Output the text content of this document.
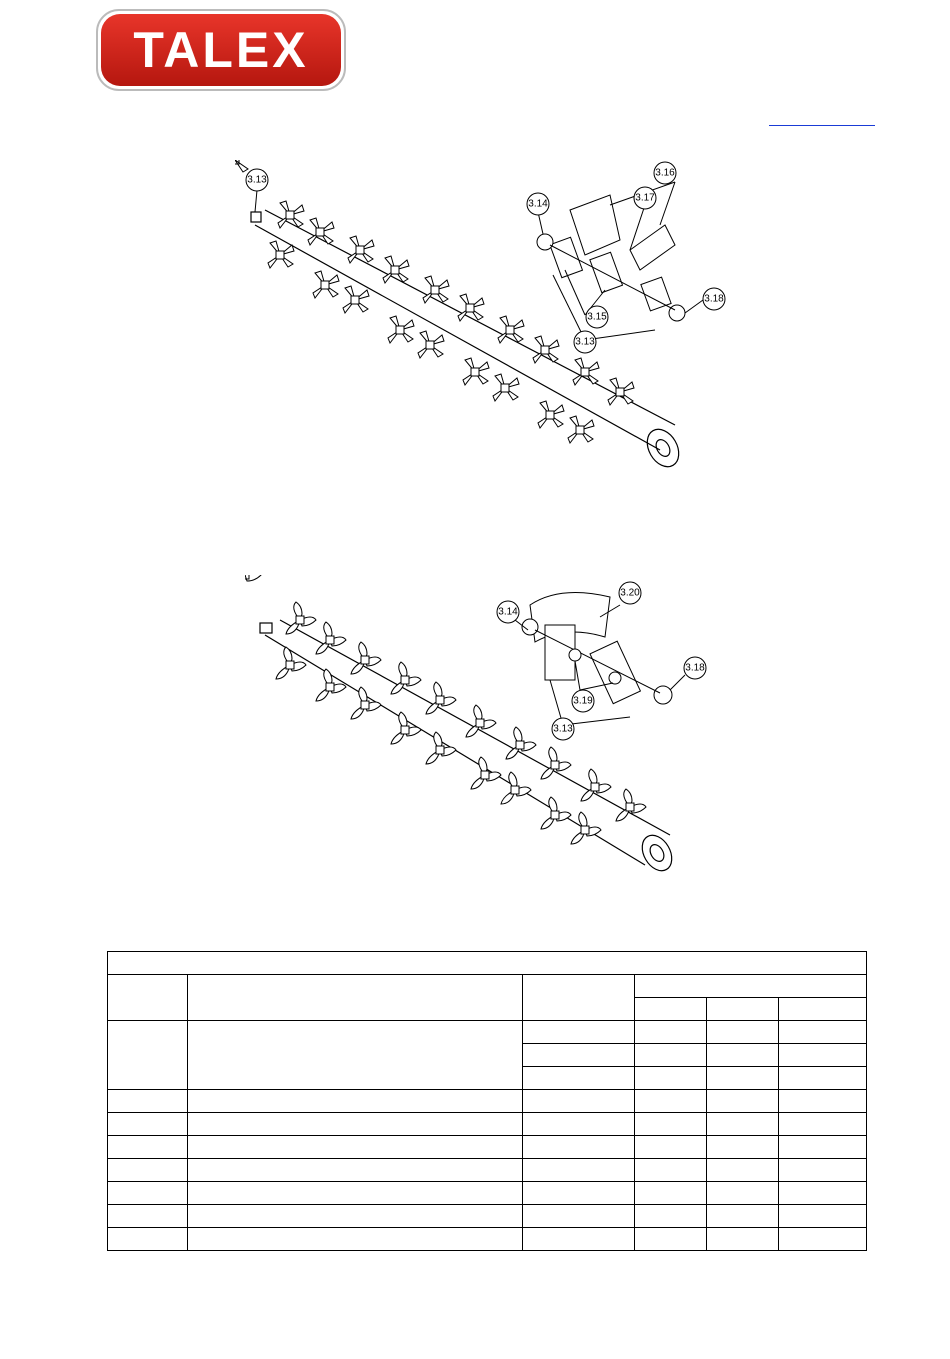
TALEX
3.13
3.14
3.15
3.16
3.17
3.18
3.13
3.14
3.20
3.19
3.18
3.13
